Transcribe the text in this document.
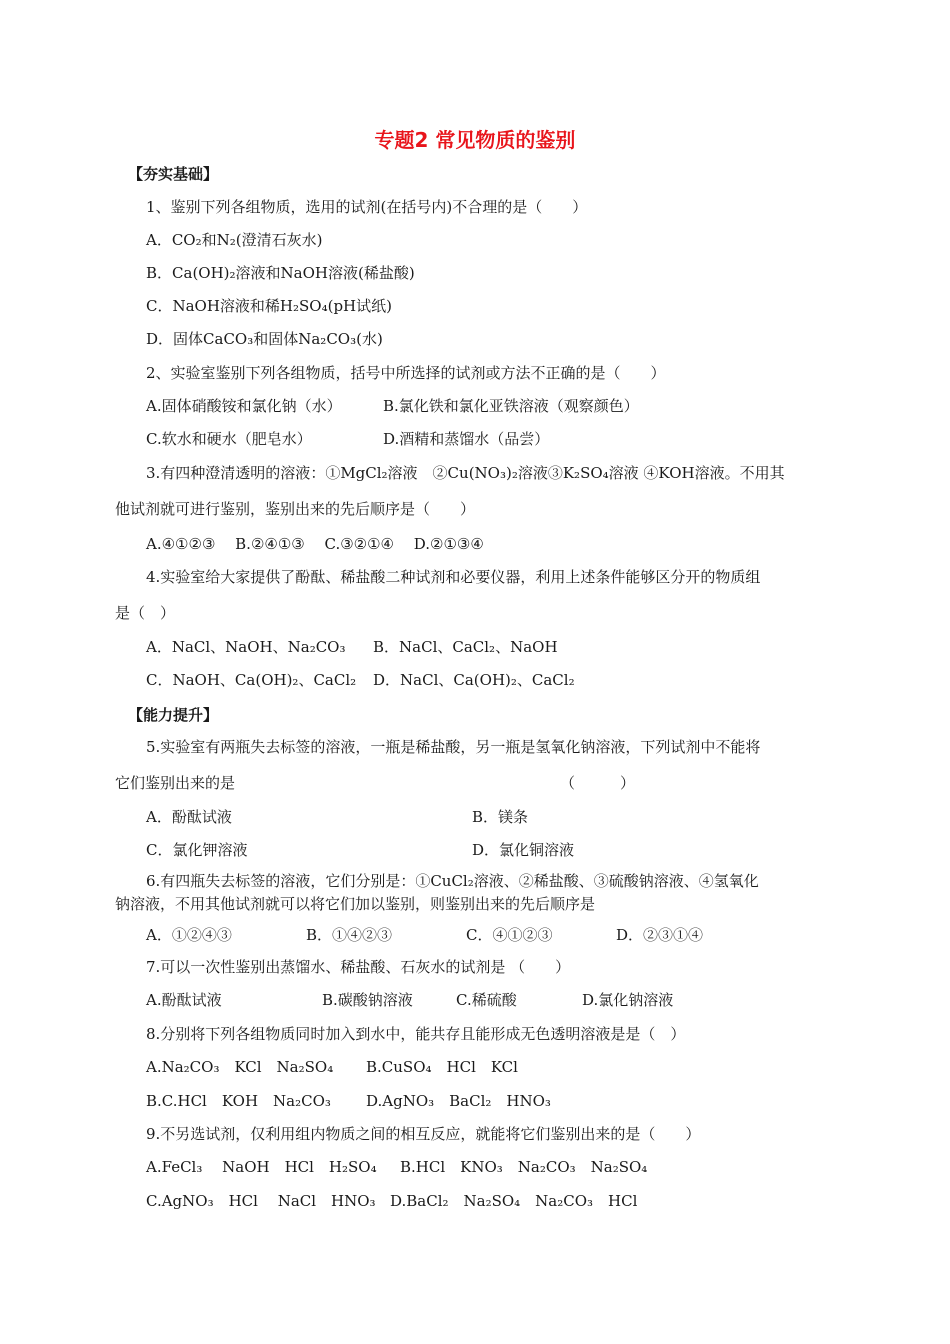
专题2 常见物质的鉴别
【夯实基础】
1、鉴别下列各组物质，选用的试剂(在括号内)不合理的是（　　）
A．CO₂和N₂(澄清石灰水)
B．Ca(OH)₂溶液和NaOH溶液(稀盐酸)
C．NaOH溶液和稀H₂SO₄(pH试纸)
D．固体CaCO₃和固体Na₂CO₃(水)
2、实验室鉴别下列各组物质，括号中所选择的试剂或方法不正确的是（　　）
A.固体硝酸铵和氯化钠（水）	B.氯化铁和氯化亚铁溶液（观察颜色）
C.软水和硬水（肥皂水）	D.酒精和蒸馏水（品尝）
3.有四种澄清透明的溶液：①MgCl₂溶液　②Cu(NO₃)₂溶液③K₂SO₄溶液 ④KOH溶液。不用其
他试剂就可进行鉴别，鉴别出来的先后顺序是（　　）
A.④①②③　 B.②④①③　 C.③②①④　 D.②①③④
4.实验室给大家提供了酚酞、稀盐酸二种试剂和必要仪器，利用上述条件能够区分开的物质组
是（　）
A．NaCl、NaOH、Na₂CO₃ B．NaCl、CaCl₂、NaOH
C．NaOH、Ca(OH)₂、CaCl₂ D．NaCl、Ca(OH)₂、CaCl₂
【能力提升】
5.实验室有两瓶失去标签的溶液，一瓶是稀盐酸，另一瓶是氢氧化钠溶液，下列试剂中不能将
它们鉴别出来的是	（　　　）
A．酚酞试液	B．镁条
C．氯化钾溶液	D．氯化铜溶液
6.有四瓶失去标签的溶液，它们分别是：①CuCl₂溶液、②稀盐酸、③硫酸钠溶液、④氢氧化
钠溶液，不用其他试剂就可以将它们加以鉴别，则鉴别出来的先后顺序是
A．①②④③	B．①④②③	C．④①②③	D．②③①④
7.可以一次性鉴别出蒸馏水、稀盐酸、石灰水的试剂是 （　　）
A.酚酞试液	B.碳酸钠溶液	C.稀硫酸	D.氯化钠溶液
8.分别将下列各组物质同时加入到水中，能共存且能形成无色透明溶液是是（　）
A.Na₂CO₃　KCl　Na₂SO₄ B.CuSO₄　HCl　KCl
B.C.HCl　KOH　Na₂CO₃ D.AgNO₃　BaCl₂　HNO₃
9.不另选试剂，仅利用组内物质之间的相互反应，就能将它们鉴别出来的是（　　）
A.FeCl₃　 NaOH　HCl　H₂SO₄ B.HCl　KNO₃　Na₂CO₃　Na₂SO₄
C.AgNO₃　HCl　 NaCl　HNO₃ D.BaCl₂　Na₂SO₄　Na₂CO₃　HCl
